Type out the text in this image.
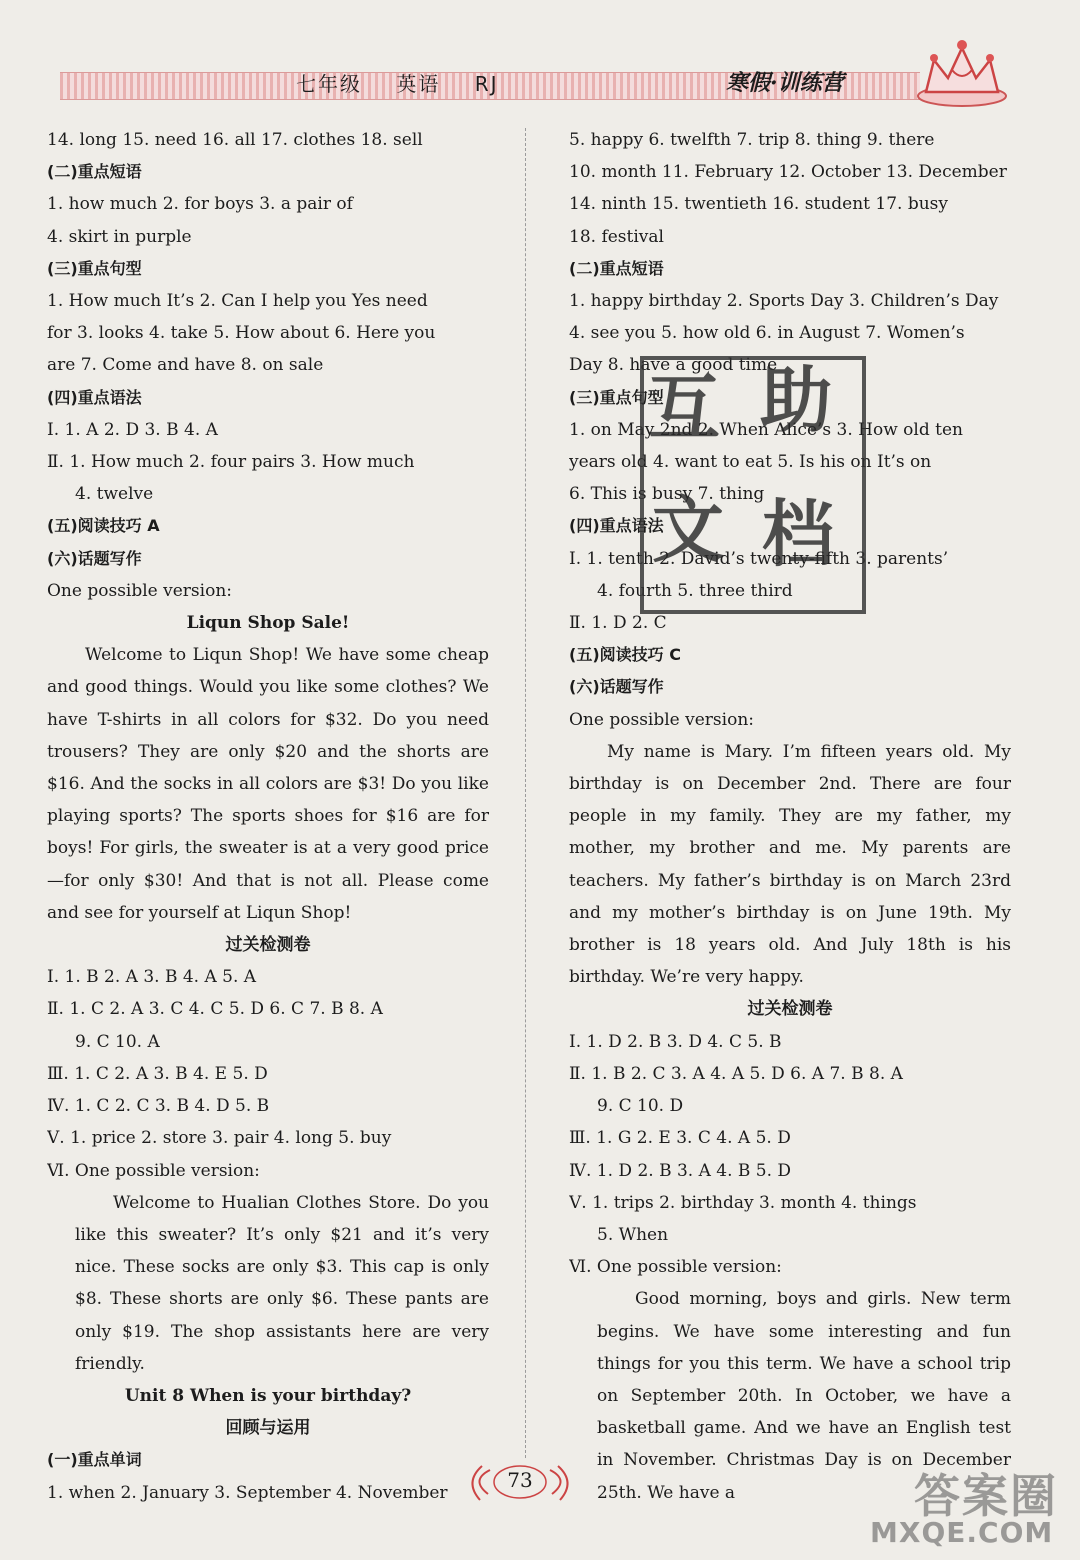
七年级 英语 RJ	寒假·训练营
14. long 15. need 16. all 17. clothes 18. sell
(二)重点短语
1. how much 2. for boys 3. a pair of
4. skirt in purple
(三)重点句型
1. How much It’s 2. Can I help you Yes need
for 3. looks 4. take 5. How about 6. Here you
are 7. Come and have 8. on sale
(四)重点语法
Ⅰ. 1. A 2. D 3. B 4. A
Ⅱ. 1. How much 2. four pairs 3. How much
4. twelve
(五)阅读技巧 A
(六)话题写作
One possible version:
Liqun Shop Sale!
Welcome to Liqun Shop! We have some cheap and good things. Would you like some clothes? We have T-shirts in all colors for $32. Do you need trousers? They are only $20 and the shorts are $16. And the socks in all colors are $3! Do you like playing sports? The sports shoes for $16 are for boys! For girls, the sweater is at a very good price—for only $30! And that is not all. Please come and see for yourself at Liqun Shop!
过关检测卷
Ⅰ. 1. B 2. A 3. B 4. A 5. A
Ⅱ. 1. C 2. A 3. C 4. C 5. D 6. C 7. B 8. A
9. C 10. A
Ⅲ. 1. C 2. A 3. B 4. E 5. D
Ⅳ. 1. C 2. C 3. B 4. D 5. B
Ⅴ. 1. price 2. store 3. pair 4. long 5. buy
Ⅵ. One possible version:
Welcome to Hualian Clothes Store. Do you like this sweater? It’s only $21 and it’s very nice. These socks are only $3. This cap is only $8. These shorts are only $6. These pants are only $19. The shop assistants here are very friendly.
Unit 8 When is your birthday?
回顾与运用
(一)重点单词
1. when 2. January 3. September 4. November
5. happy 6. twelfth 7. trip 8. thing 9. there
10. month 11. February 12. October 13. December
14. ninth 15. twentieth 16. student 17. busy
18. festival
(二)重点短语
1. happy birthday 2. Sports Day 3. Children’s Day
4. see you 5. how old 6. in August 7. Women’s
Day 8. have a good time
(三)重点句型
1. on May 2nd 2. When Alice’s 3. How old ten
years old 4. want to eat 5. Is his on It’s on
6. This is busy 7. thing
(四)重点语法
Ⅰ. 1. tenth 2. David’s twenty-fifth 3. parents’
4. fourth 5. three third
Ⅱ. 1. D 2. C
(五)阅读技巧 C
(六)话题写作
One possible version:
My name is Mary. I’m fifteen years old. My birthday is on December 2nd. There are four people in my family. They are my father, my mother, my brother and me. My parents are teachers. My father’s birthday is on March 23rd and my mother’s birthday is on June 19th. My brother is 18 years old. And July 18th is his birthday. We’re very happy.
过关检测卷
Ⅰ. 1. D 2. B 3. D 4. C 5. B
Ⅱ. 1. B 2. C 3. A 4. A 5. D 6. A 7. B 8. A
9. C 10. D
Ⅲ. 1. G 2. E 3. C 4. A 5. D
Ⅳ. 1. D 2. B 3. A 4. B 5. D
Ⅴ. 1. trips 2. birthday 3. month 4. things
5. When
Ⅵ. One possible version:
Good morning, boys and girls. New term begins. We have some interesting and fun things for you this term. We have a school trip on September 20th. In October, we have a basketball game. And we have an English test in November. Christmas Day is on December 25th. We have a
互 助
文 档
73	答案圈
MXQE.COM
